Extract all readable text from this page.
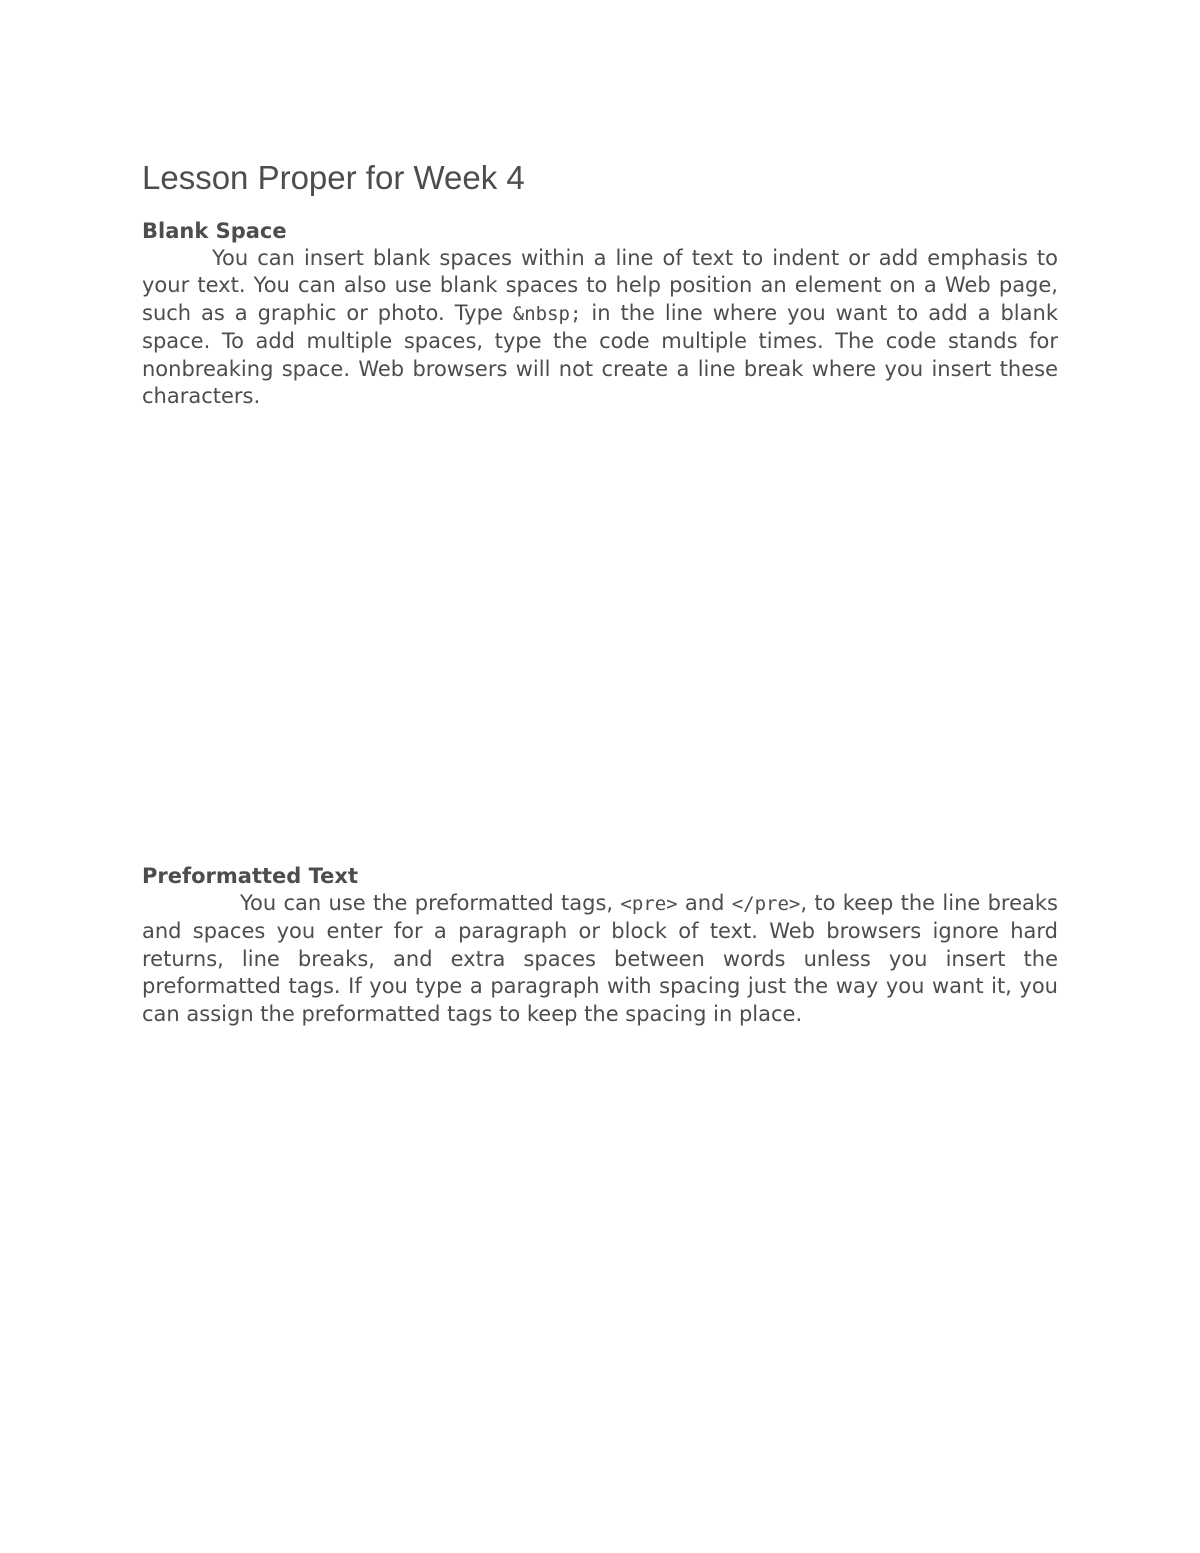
Lesson Proper for Week 4
Blank Space

You can insert blank spaces within a line of text to indent or add emphasis to your text. You can also use blank spaces to help position an element on a Web page, such as a graphic or photo. Type &nbsp; in the line where you want to add a blank space. To add multiple spaces, type the code multiple times. The code stands for nonbreaking space. Web browsers will not create a line break where you insert these characters.

Preformatted Text

You can use the preformatted tags, <pre> and </pre>, to keep the line breaks and spaces you enter for a paragraph or block of text. Web browsers ignore hard returns, line breaks, and extra spaces between words unless you insert the preformatted tags. If you type a paragraph with spacing just the way you want it, you can assign the preformatted tags to keep the spacing in place.
